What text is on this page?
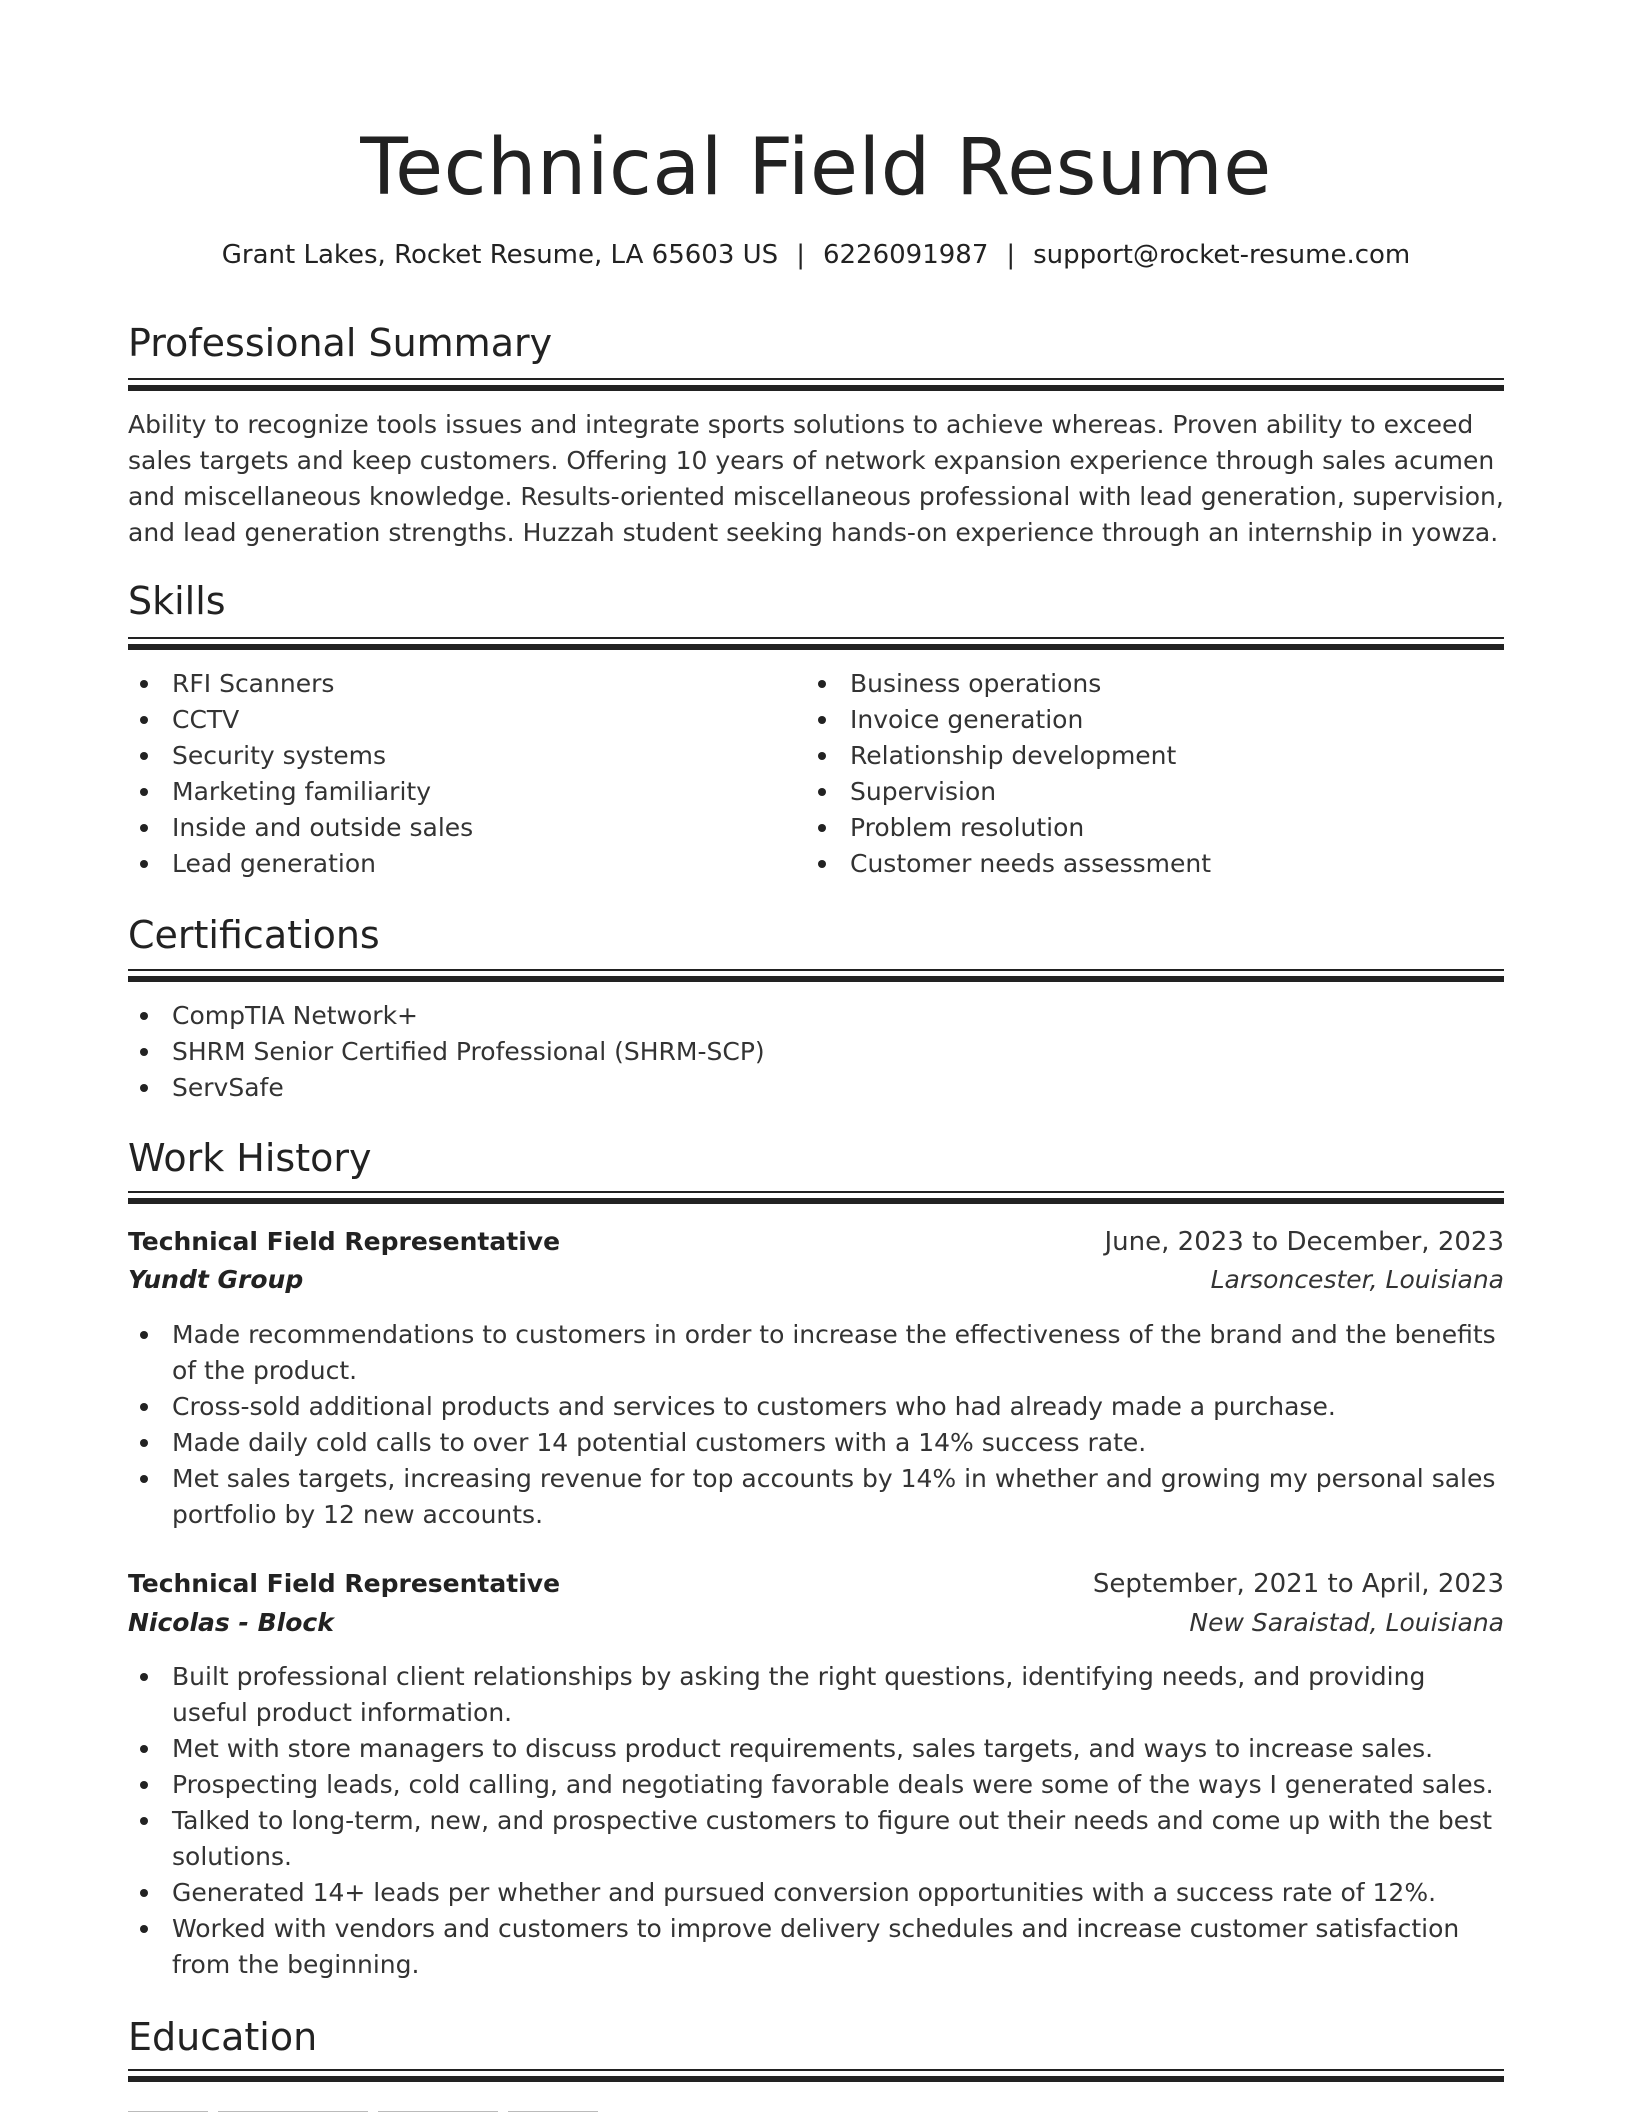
Technical Field Resume
Grant Lakes, Rocket Resume, LA 65603 US | 6226091987 | support@rocket-resume.com
Professional Summary
Ability to recognize tools issues and integrate sports solutions to achieve whereas. Proven ability to exceed sales targets and keep customers. Offering 10 years of network expansion experience through sales acumen and miscellaneous knowledge. Results-oriented miscellaneous professional with lead generation, supervision, and lead generation strengths. Huzzah student seeking hands-on experience through an internship in yowza.
Skills
RFI Scanners
CCTV
Security systems
Marketing familiarity
Inside and outside sales
Lead generation
Business operations
Invoice generation
Relationship development
Supervision
Problem resolution
Customer needs assessment
Certifications
CompTIA Network+
SHRM Senior Certified Professional (SHRM-SCP)
ServSafe
Work History
Technical Field Representative	June, 2023 to December, 2023
Yundt Group	Larsoncester, Louisiana
Made recommendations to customers in order to increase the effectiveness of the brand and the benefits of the product.
Cross-sold additional products and services to customers who had already made a purchase.
Made daily cold calls to over 14 potential customers with a 14% success rate.
Met sales targets, increasing revenue for top accounts by 14% in whether and growing my personal sales portfolio by 12 new accounts.
Technical Field Representative	September, 2021 to April, 2023
Nicolas - Block	New Saraistad, Louisiana
Built professional client relationships by asking the right questions, identifying needs, and providing useful product information.
Met with store managers to discuss product requirements, sales targets, and ways to increase sales.
Prospecting leads, cold calling, and negotiating favorable deals were some of the ways I generated sales.
Talked to long-term, new, and prospective customers to figure out their needs and come up with the best solutions.
Generated 14+ leads per whether and pursued conversion opportunities with a success rate of 12%.
Worked with vendors and customers to improve delivery schedules and increase customer satisfaction from the beginning.
Education
